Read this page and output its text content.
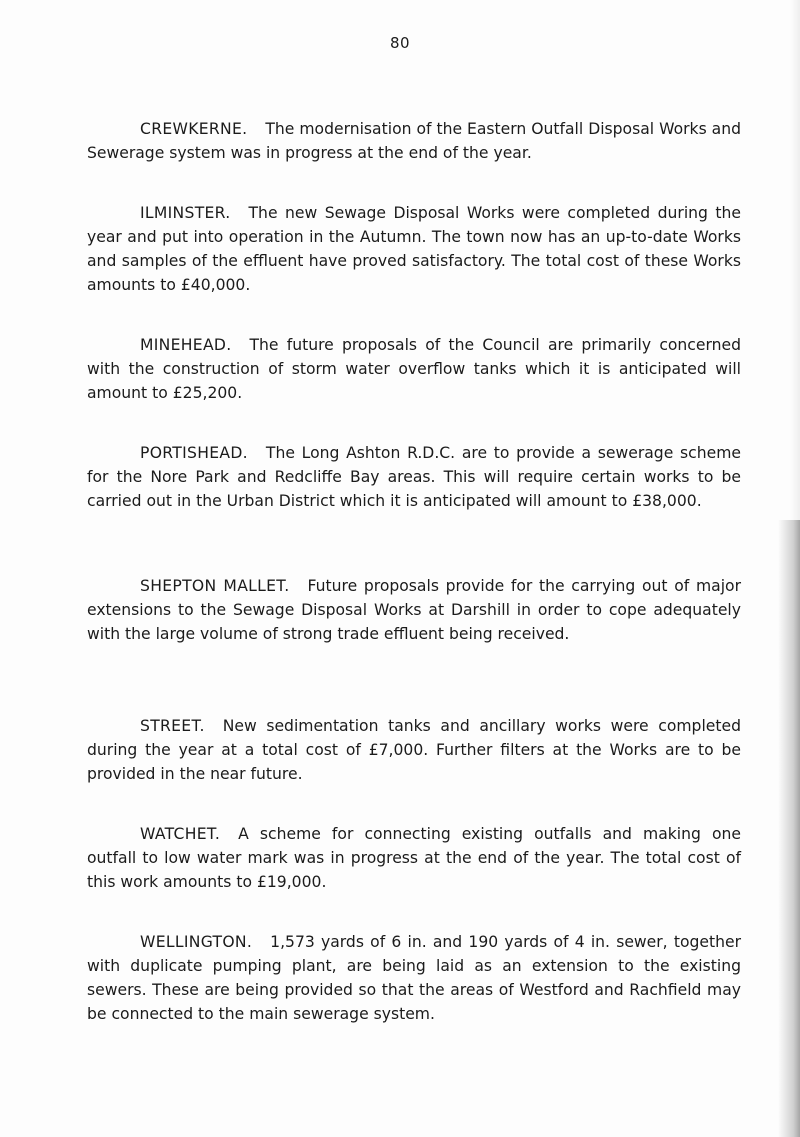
80

CREWKERNE. The modernisation of the Eastern Outfall Disposal Works and Sewerage system was in progress at the end of the year.

ILMINSTER. The new Sewage Disposal Works were completed during the year and put into operation in the Autumn. The town now has an up-to-date Works and samples of the effluent have proved satisfactory. The total cost of these Works amounts to £40,000.

MINEHEAD. The future proposals of the Council are primarily concerned with the construction of storm water overflow tanks which it is anticipated will amount to £25,200.

PORTISHEAD. The Long Ashton R.D.C. are to provide a sewerage scheme for the Nore Park and Redcliffe Bay areas. This will require certain works to be carried out in the Urban District which it is anticipated will amount to £38,000.

SHEPTON MALLET. Future proposals provide for the carrying out of major extensions to the Sewage Disposal Works at Darshill in order to cope adequately with the large volume of strong trade effluent being received.

STREET. New sedimentation tanks and ancillary works were completed during the year at a total cost of £7,000. Further filters at the Works are to be provided in the near future.

WATCHET. A scheme for connecting existing outfalls and making one outfall to low water mark was in progress at the end of the year. The total cost of this work amounts to £19,000.

WELLINGTON. 1,573 yards of 6 in. and 190 yards of 4 in. sewer, together with duplicate pumping plant, are being laid as an extension to the existing sewers. These are being provided so that the areas of Westford and Rachfield may be connected to the main sewerage system.
